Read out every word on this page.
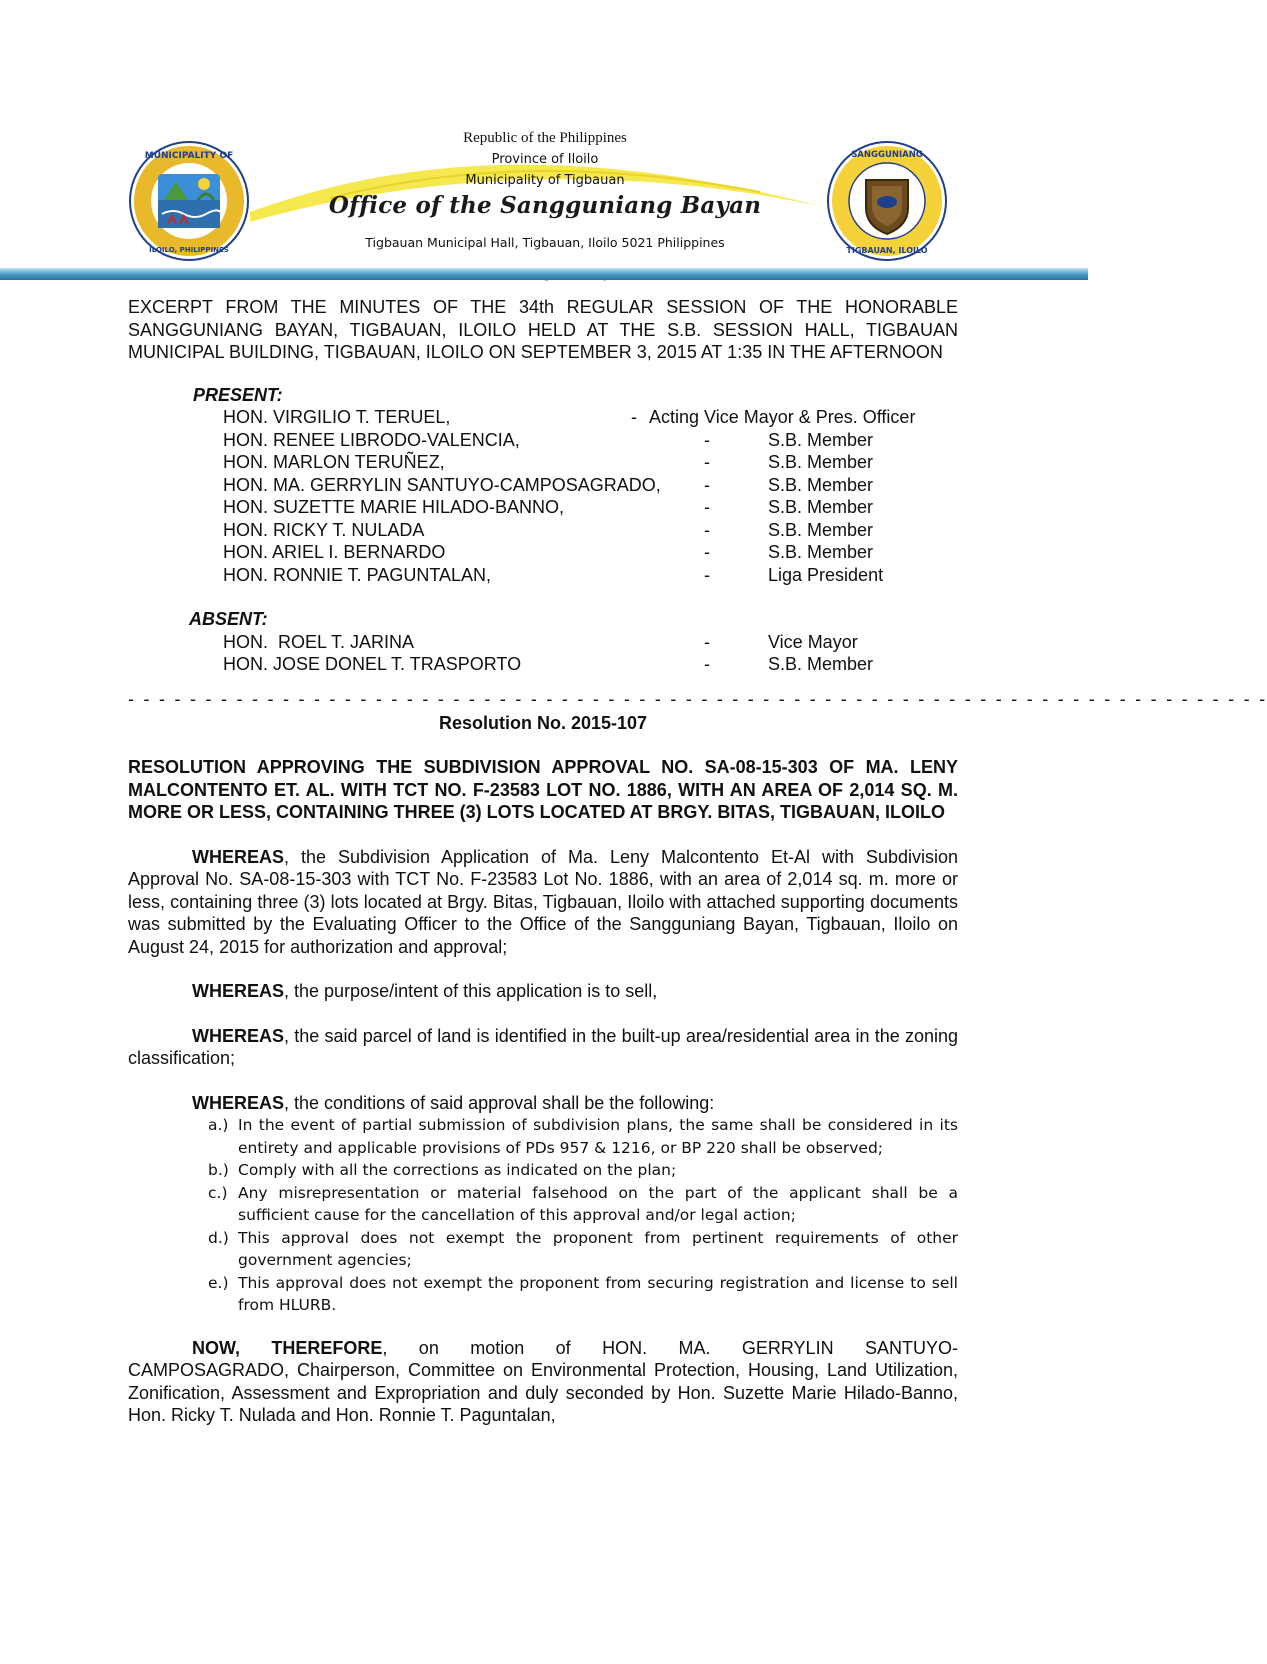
MUNICIPALITY OF
ILOILO, PHILIPPINES
SANGGUNIANG
TIGBAUAN, ILOILO

Republic of the Philippines

Province of Iloilo

Municipality of Tigbauan

Office of the Sangguniang Bayan

Tigbauan Municipal Hall, Tigbauan, Iloilo 5021 Philippines

EXCERPT FROM THE MINUTES OF THE 34th REGULAR SESSION OF THE HONORABLE SANGGUNIANG BAYAN, TIGBAUAN, ILOILO HELD AT THE S.B. SESSION HALL, TIGBAUAN MUNICIPAL BUILDING, TIGBAUAN, ILOILO ON SEPTEMBER 3, 2015 AT 1:35 IN THE AFTERNOON

PRESENT:

HON. VIRGILIO T. TERUEL,	- Acting Vice Mayor & Pres. Officer
HON. RENEE LIBRODO-VALENCIA,	-	S.B. Member
HON. MARLON TERUÑEZ,	-	S.B. Member
HON. MA. GERRYLIN SANTUYO-CAMPOSAGRADO, -	S.B. Member
HON. SUZETTE MARIE HILADO-BANNO,	-	S.B. Member
HON. RICKY T. NULADA	-	S.B. Member
HON. ARIEL I. BERNARDO	-	S.B. Member
HON. RONNIE T. PAGUNTALAN,	-	Liga President

ABSENT:

HON.  ROEL T. JARINA	-	Vice Mayor
HON. JOSE DONEL T. TRASPORTO	-	S.B. Member
- - - - - - - - - - - - - - - - - - - - - - - - - - - - - - - - - - - - - - - - - - - - - - - - - - - - - - - - - - - - - - - - - - - - - - - - - -

Resolution No. 2015-107

RESOLUTION APPROVING THE SUBDIVISION APPROVAL NO. SA-08-15-303 OF MA. LENY MALCONTENTO ET. AL. WITH TCT NO. F-23583 LOT NO. 1886, WITH AN AREA OF 2,014 SQ. M. MORE OR LESS, CONTAINING THREE (3) LOTS LOCATED AT BRGY. BITAS, TIGBAUAN, ILOILO

WHEREAS, the Subdivision Application of Ma. Leny Malcontento Et-Al with Subdivision Approval No. SA-08-15-303 with TCT No. F-23583 Lot No. 1886, with an area of 2,014 sq. m. more or less, containing three (3) lots located at Brgy. Bitas, Tigbauan, Iloilo with attached supporting documents was submitted by the Evaluating Officer to the Office of the Sangguniang Bayan, Tigbauan, Iloilo on August 24, 2015 for authorization and approval;

WHEREAS, the purpose/intent of this application is to sell,

WHEREAS, the said parcel of land is identified in the built-up area/residential area in the zoning classification;

WHEREAS, the conditions of said approval shall be the following:

a.) In the event of partial submission of subdivision plans, the same shall be considered in its entirety and applicable provisions of PDs 957 & 1216, or BP 220 shall be observed;
b.) Comply with all the corrections as indicated on the plan;
c.) Any misrepresentation or material falsehood on the part of the applicant shall be a sufficient cause for the cancellation of this approval and/or legal action;
d.) This approval does not exempt the proponent from pertinent requirements of other government agencies;
e.) This approval does not exempt the proponent from securing registration and license to sell from HLURB.

NOW, THEREFORE, on motion of HON. MA. GERRYLIN SANTUYO- CAMPOSAGRADO, Chairperson, Committee on Environmental Protection, Housing, Land Utilization, Zonification, Assessment and Expropriation and duly seconded by Hon. Suzette Marie Hilado-Banno, Hon. Ricky T. Nulada and Hon. Ronnie T. Paguntalan,
